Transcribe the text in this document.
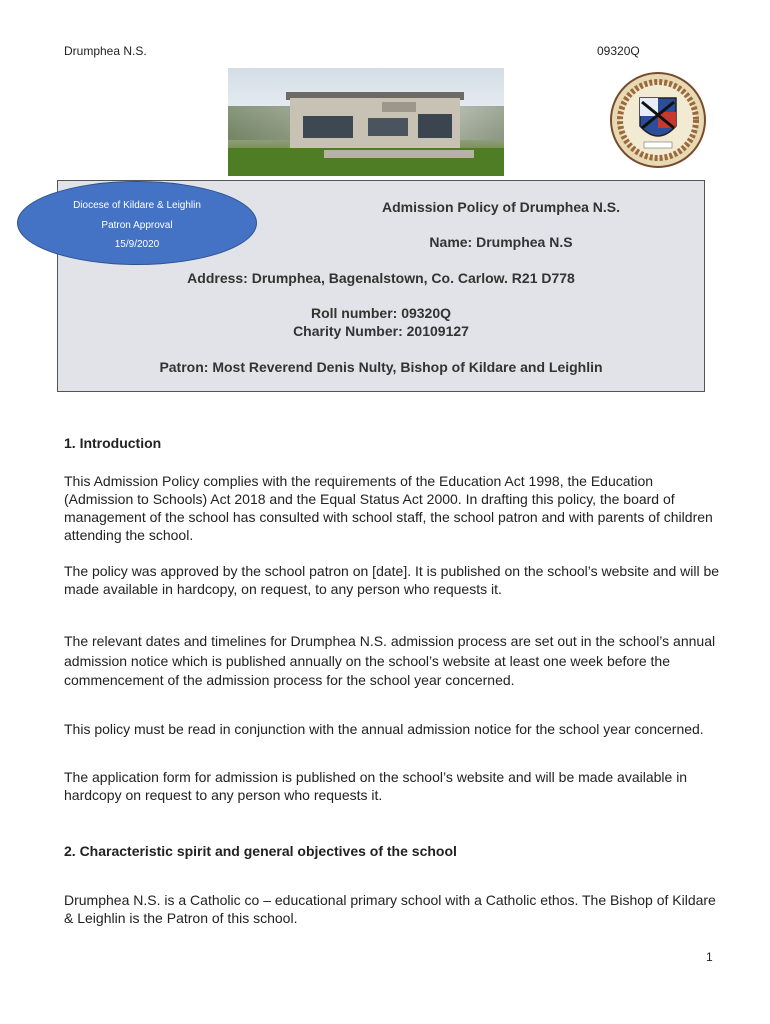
Drumphea N.S.	09320Q
Admission Policy of Drumphea N.S.
Name: Drumphea N.S
Address: Drumphea, Bagenalstown, Co. Carlow. R21 D778
Roll number: 09320Q
Charity Number: 20109127
Patron: Most Reverend Denis Nulty, Bishop of Kildare and Leighlin
Diocese of Kildare & Leighlin
Patron Approval
15/9/2020
1. Introduction
This Admission Policy complies with the requirements of the Education Act 1998, the Education (Admission to Schools) Act 2018 and the Equal Status Act 2000. In drafting this policy, the board of management of the school has consulted with school staff, the school patron and with parents of children attending the school.
The policy was approved by the school patron on [date]. It is published on the school’s website and will be made available in hardcopy, on request, to any person who requests it.
The relevant dates and timelines for Drumphea N.S. admission process are set out in the school’s annual admission notice which is published annually on the school’s website at least one week before the commencement of the admission process for the school year concerned.
This policy must be read in conjunction with the annual admission notice for the school year concerned.
The application form for admission is published on the school’s website and will be made available in hardcopy on request to any person who requests it.
2. Characteristic spirit and general objectives of the school
Drumphea N.S. is a Catholic co – educational primary school with a Catholic ethos. The Bishop of Kildare & Leighlin is the Patron of this school.
1
